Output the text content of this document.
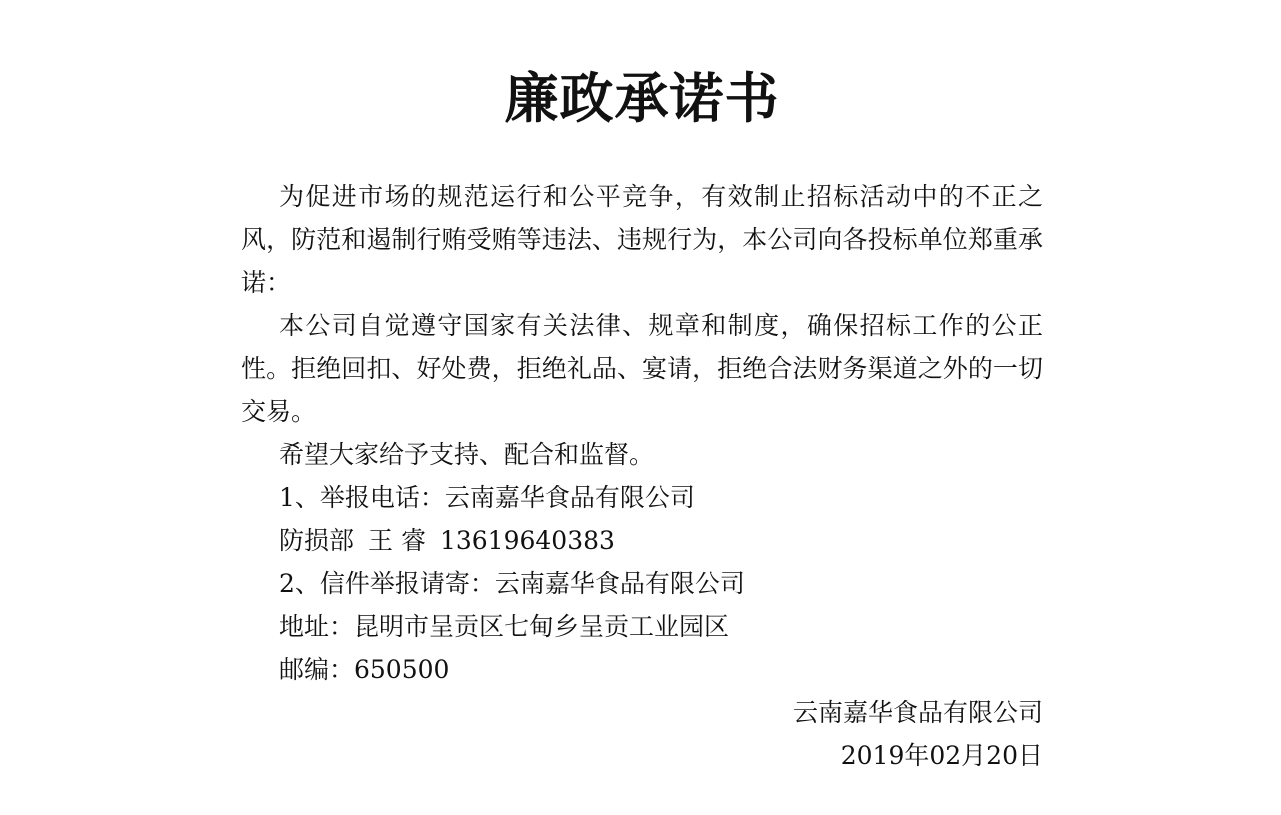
廉政承诺书

为促进市场的规范运行和公平竞争，有效制止招标活动中的不正之风，防范和遏制行贿受贿等违法、违规行为，本公司向各投标单位郑重承诺：

本公司自觉遵守国家有关法律、规章和制度，确保招标工作的公正性。拒绝回扣、好处费，拒绝礼品、宴请，拒绝合法财务渠道之外的一切交易。

希望大家给予支持、配合和监督。

1、举报电话：云南嘉华食品有限公司

防损部 王 睿 13619640383

2、信件举报请寄：云南嘉华食品有限公司

地址：昆明市呈贡区七甸乡呈贡工业园区

邮编：650500

云南嘉华食品有限公司

2019年02月20日
